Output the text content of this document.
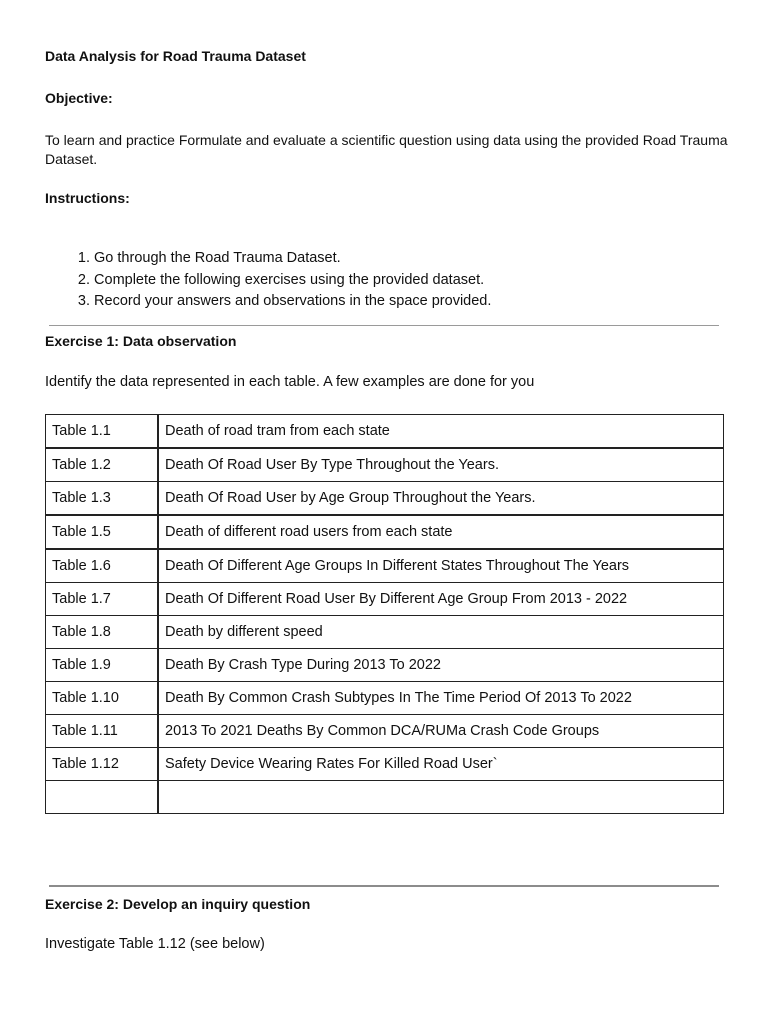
Data Analysis for Road Trauma Dataset
Objective:
To learn and practice Formulate and evaluate a scientific question using data using the provided Road Trauma Dataset.
Instructions:
1. Go through the Road Trauma Dataset.
2. Complete the following exercises using the provided dataset.
3. Record your answers and observations in the space provided.
Exercise 1: Data observation
Identify the data represented in each table. A few examples are done for you
Table 1.1	Death of road tram from each state
Table 1.2	Death Of Road User By Type Throughout the Years.
Table 1.3	Death Of Road User by Age Group Throughout the Years.
Table 1.5	Death of different road users from each state
Table 1.6	Death Of Different Age Groups In Different States Throughout The Years
Table 1.7	Death Of Different Road User By Different Age Group From 2013 - 2022
Table 1.8	Death by different speed
Table 1.9	Death By Crash Type During 2013 To 2022
Table 1.10	Death By Common Crash Subtypes In The Time Period Of 2013 To 2022
Table 1.11	2013 To 2021 Deaths By Common DCA/RUMa Crash Code Groups
Table 1.12	Safety Device Wearing Rates For Killed Road User`

Exercise 2: Develop an inquiry question
Investigate Table 1.12 (see below)
